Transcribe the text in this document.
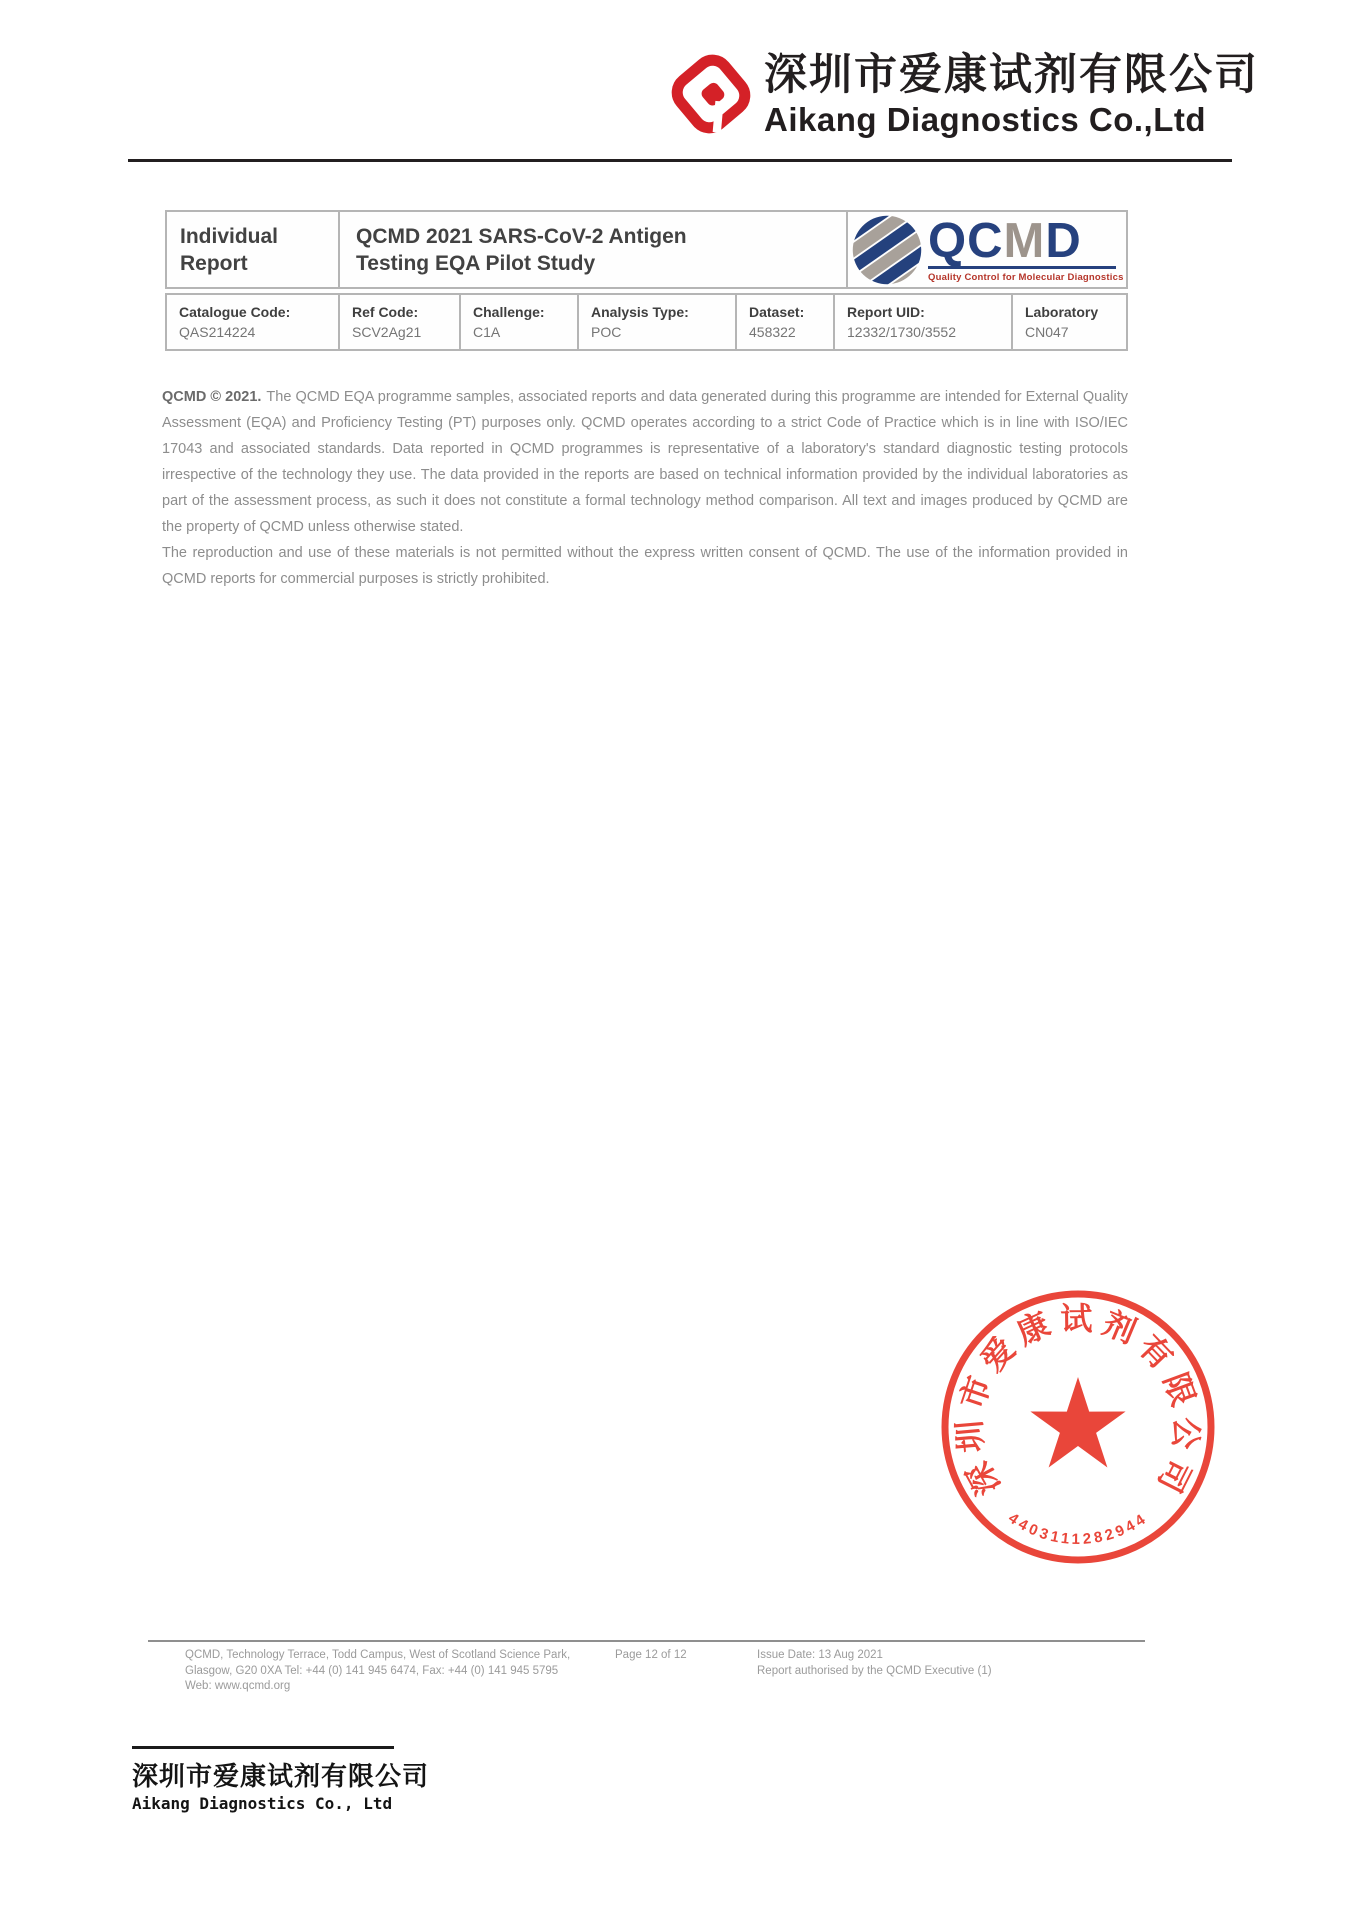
深圳市爱康试剂有限公司
Aikang Diagnostics Co.,Ltd
Individual Report
QCMD 2021 SARS-CoV-2 Antigen Testing EQA Pilot Study	QCMD
Quality Control for Molecular Diagnostics
Catalogue Code:
QAS214224
Ref Code:
SCV2Ag21
Challenge:
C1A
Analysis Type:
POC
Dataset:
458322
Report UID:
12332/1730/3552
Laboratory
CN047

QCMD © 2021. The QCMD EQA programme samples, associated reports and data generated during this programme are intended for External Quality Assessment (EQA) and Proficiency Testing (PT) purposes only. QCMD operates according to a strict Code of Practice which is in line with ISO/IEC 17043 and associated standards. Data reported in QCMD programmes is representative of a laboratory's standard diagnostic testing protocols irrespective of the technology they use. The data provided in the reports are based on technical information provided by the individual laboratories as part of the assessment process, as such it does not constitute a formal technology method comparison. All text and images produced by QCMD are the property of QCMD unless otherwise stated.

The reproduction and use of these materials is not permitted without the express written consent of QCMD. The use of the information provided in QCMD reports for commercial purposes is strictly prohibited.

深圳市爱康试剂有限公司
4403111282944
QCMD, Technology Terrace, Todd Campus, West of Scotland Science Park, Glasgow, G20 0XA Tel: +44 (0) 141 945 6474, Fax: +44 (0) 141 945 5795 Web: www.qcmd.org
Page 12 of 12	Issue Date: 13 Aug 2021
Report authorised by the QCMD Executive (1)
深圳市爱康试剂有限公司
Aikang Diagnostics Co., Ltd
